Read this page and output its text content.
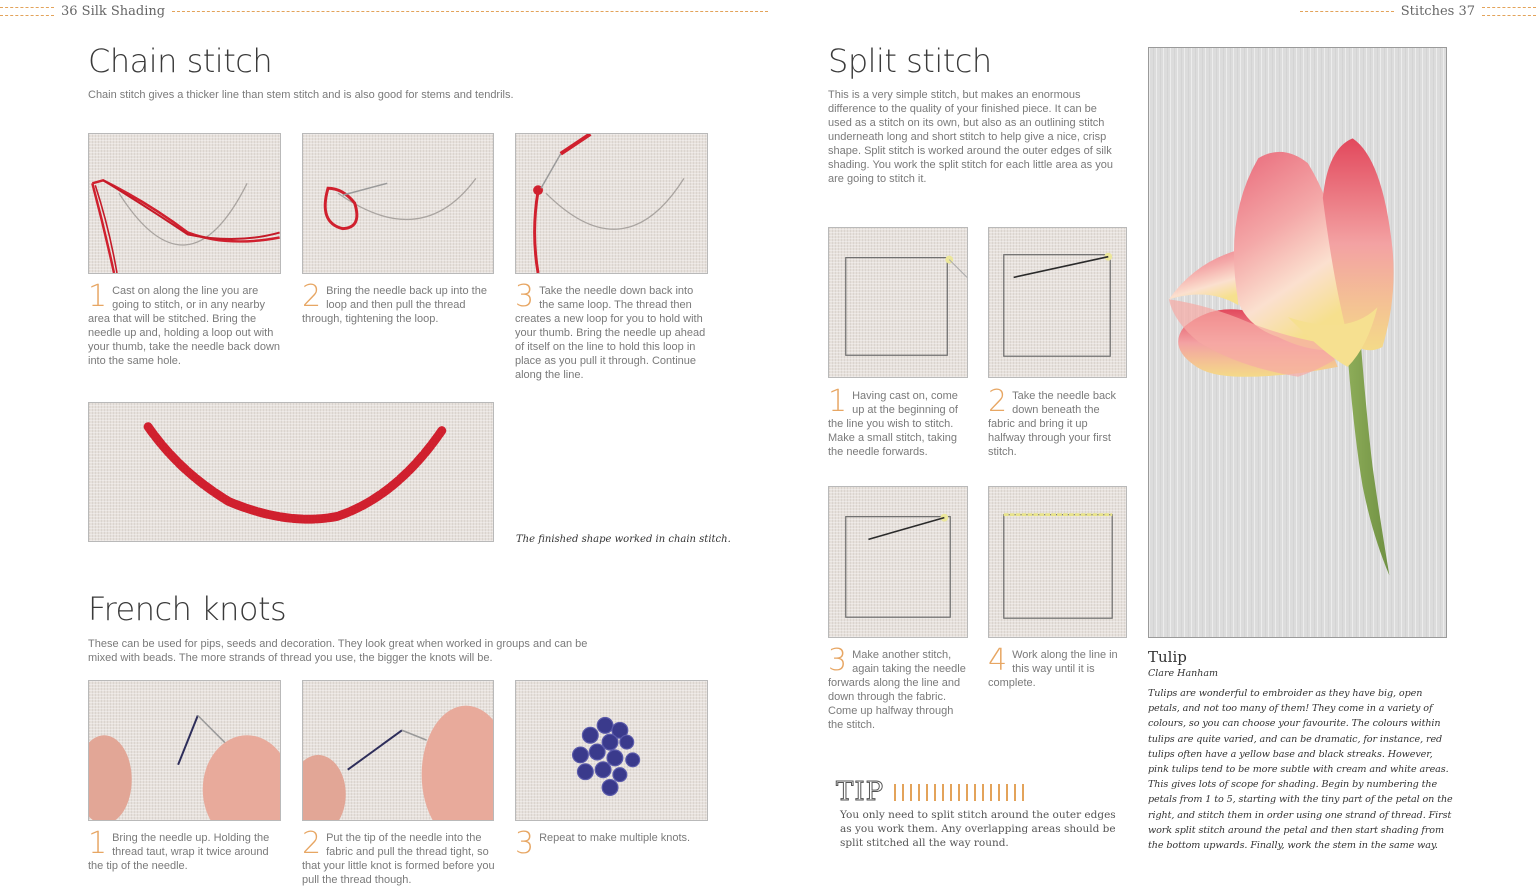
36 Silk Shading	Stitches 37
Chain stitch

Chain stitch gives a thicker line than stem stitch and is also good for stems and tendrils.

1 Cast on along the line you are going to stitch, or in any nearby area that will be stitched. Bring the needle up and, holding a loop out with your thumb, take the needle back down into the same hole.
2 Bring the needle back up into the loop and then pull the thread through, tightening the loop.
3 Take the needle down back into the same loop. The thread then creates a new loop for you to hold with your thumb. Bring the needle up ahead of itself on the line to hold this loop in place as you pull it through. Continue along the line.
The finished shape worked in chain stitch.
French knots

These can be used for pips, seeds and decoration. They look great when worked in groups and can be mixed with beads. The more strands of thread you use, the bigger the knots will be.

1 Bring the needle up. Holding the thread taut, wrap it twice around the tip of the needle.
2 Put the tip of the needle into the fabric and pull the thread tight, so that your little knot is formed before you pull the thread though.
3 Repeat to make multiple knots.
Split stitch

This is a very simple stitch, but makes an enormous difference to the quality of your finished piece. It can be used as a stitch on its own, but also as an outlining stitch underneath long and short stitch to help give a nice, crisp shape. Split stitch is worked around the outer edges of silk shading. You work the split stitch for each little area as you are going to stitch it.

1 Having cast on, come up at the beginning of the line you wish to stitch. Make a small stitch, taking the needle forwards.
2 Take the needle back down beneath the fabric and bring it up halfway through your first stitch.
3 Make another stitch, again taking the needle forwards along the line and down through the fabric. Come up halfway through the stitch.
4 Work along the line in this way until it is complete.
TIP

You only need to split stitch around the outer edges as you work them. Any overlapping areas should be split stitched all the way round.

Tulip
Clare Hanham

Tulips are wonderful to embroider as they have big, open petals, and not too many of them! They come in a variety of colours, so you can choose your favourite. The colours within tulips are quite varied, and can be dramatic, for instance, red tulips often have a yellow base and black streaks. However, pink tulips tend to be more subtle with cream and white areas. This gives lots of scope for shading. Begin by numbering the petals from 1 to 5, starting with the tiny part of the petal on the right, and stitch them in order using one strand of thread. First work split stitch around the petal and then start shading from the bottom upwards. Finally, work the stem in the same way.
